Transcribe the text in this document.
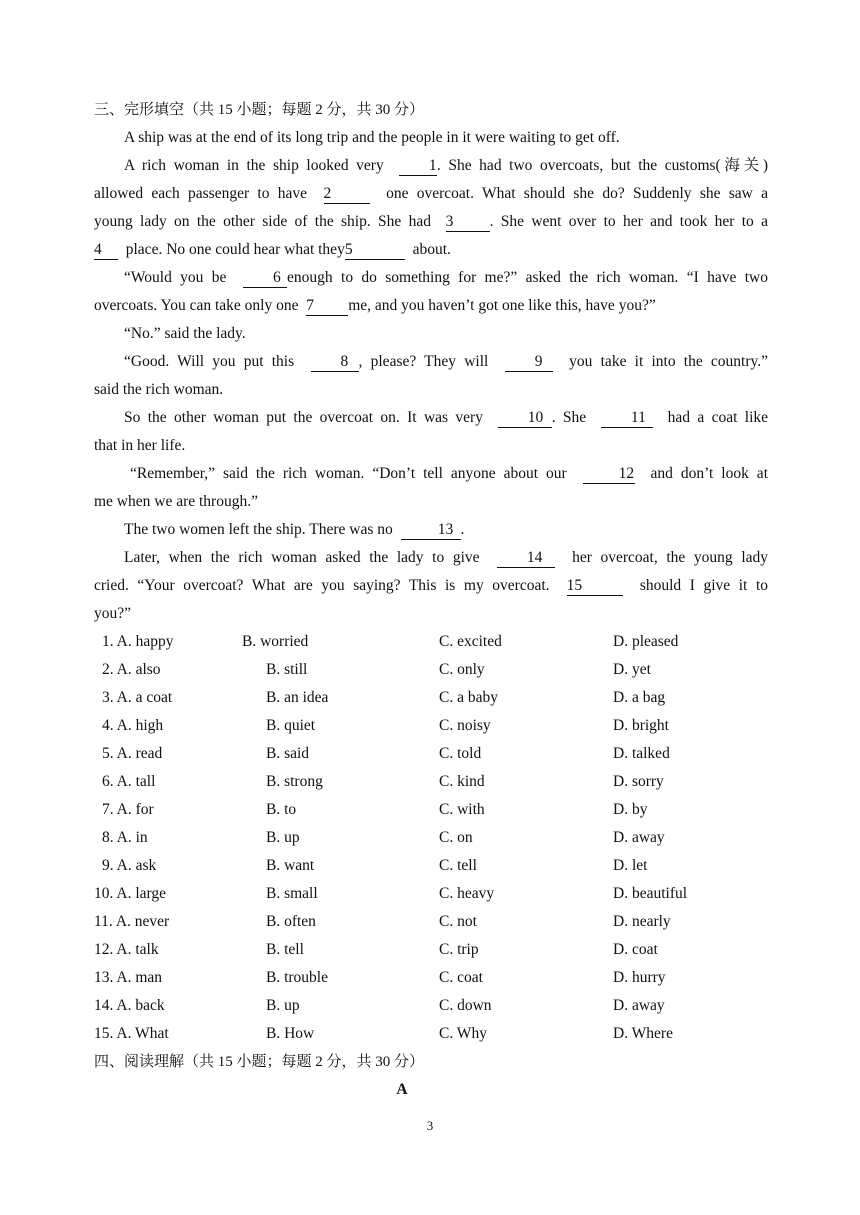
三、完形填空（共 15 小题；每题 2 分，共 30 分）
A ship was at the end of its long trip and the people in it were waiting to get off.
A rich woman in the ship looked very	1. She had two overcoats, but the customs(海关)
allowed each passenger to have 2	one overcoat. What should she do? Suddenly she saw a
young lady on the other side of the ship. She had 3 . She went over to her and took her to a
4 place. No one could hear what they5	about.
“Would you be	6 enough to do something for me?” asked the rich woman. “I have two
overcoats. You can take only one 7 me, and you haven’t got one like this, have you?”
“No.” said the lady.
“Good. Will you put this	8 , please? They will	9 you take it into the country.”
said the rich woman.
So the other woman put the overcoat on. It was very	10 . She	11 had a coat like
that in her life.
“Remember,” said the rich woman. “Don’t tell anyone about our	12 and don’t look at
me when we are through.”
The two women left the ship. There was no	13 .
Later, when the rich woman asked the lady to give	14 her overcoat, the young lady
cried. “Your overcoat? What are you saying? This is my overcoat. 15	should I give it to
you?”
1. A. happy	B. worried	C. excited	D. pleased
2. A. also	B. still	C. only	D. yet
3. A. a coat	B. an idea	C. a baby	D. a bag
4. A. high	B. quiet	C. noisy	D. bright
5. A. read	B. said	C. told	D. talked
6. A. tall	B. strong	C. kind	D. sorry
7. A. for	B. to	C. with	D. by
8. A. in	B. up	C. on	D. away
9. A. ask	B. want	C. tell	D. let
10. A. large	B. small	C. heavy	D. beautiful
11. A. never	B. often	C. not	D. nearly
12. A. talk	B. tell	C. trip	D. coat
13. A. man	B. trouble	C. coat	D. hurry
14. A. back	B. up	C. down	D. away
15. A. What	B. How	C. Why	D. Where
四、阅读理解（共 15 小题；每题 2 分，共 30 分）
A
3
